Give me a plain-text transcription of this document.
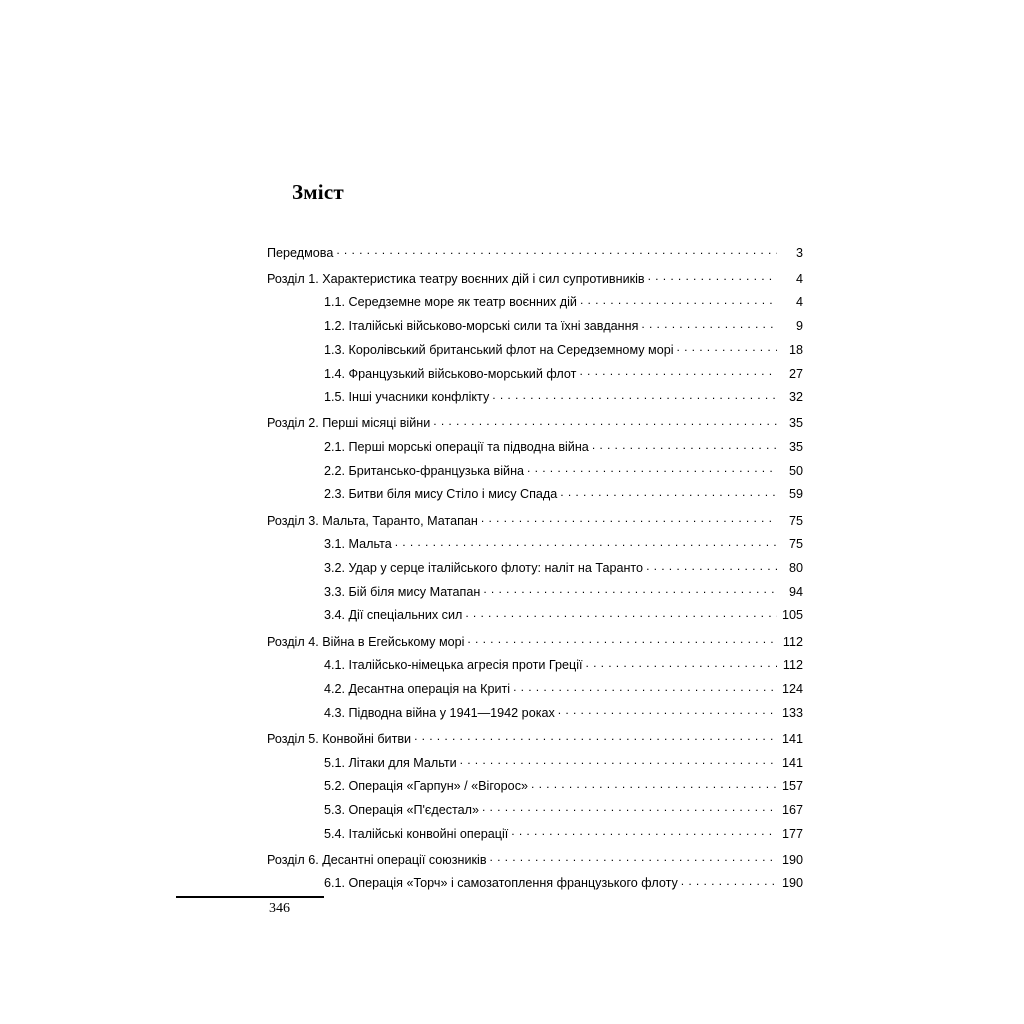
Зміст
Передмова . . .	3
Розділ 1. Характеристика театру воєнних дій і сил супротивників . . .	4
1.1. Середземне море як театр воєнних дій . . .	4
1.2. Італійські військово-морські сили та їхні завдання . . .	9
1.3. Королівський британський флот на Середземному морі . . .	18
1.4. Французький військово-морський флот . . .	27
1.5. Інші учасники конфлікту . . .	32
Розділ 2. Перші місяці війни . . .	35
2.1. Перші морські операції та підводна війна . . .	35
2.2. Британсько-французька війна . . .	50
2.3. Битви біля мису Стіло і мису Спада . . .	59
Розділ 3. Мальта, Таранто, Матапан . . .	75
3.1. Мальта . . .	75
3.2. Удар у серце італійського флоту: наліт на Таранто . . .	80
3.3. Бій біля мису Матапан . . .	94
3.4. Дії спеціальних сил . . .	105
Розділ 4. Війна в Егейському морі . . .	112
4.1. Італійсько-німецька агресія проти Греції . . .	112
4.2. Десантна операція на Криті . . .	124
4.3. Підводна війна у 1941—1942 роках . . .	133
Розділ 5. Конвойні битви . . .	141
5.1. Літаки для Мальти . . .	141
5.2. Операція «Гарпун» / «Вігорос» . . .	157
5.3. Операція «П'єдестал» . . .	167
5.4. Італійські конвойні операції . . .	177
Розділ 6. Десантні операції союзників . . .	190
6.1. Операція «Торч» і самозатоплення французького флоту . . .	190
346
